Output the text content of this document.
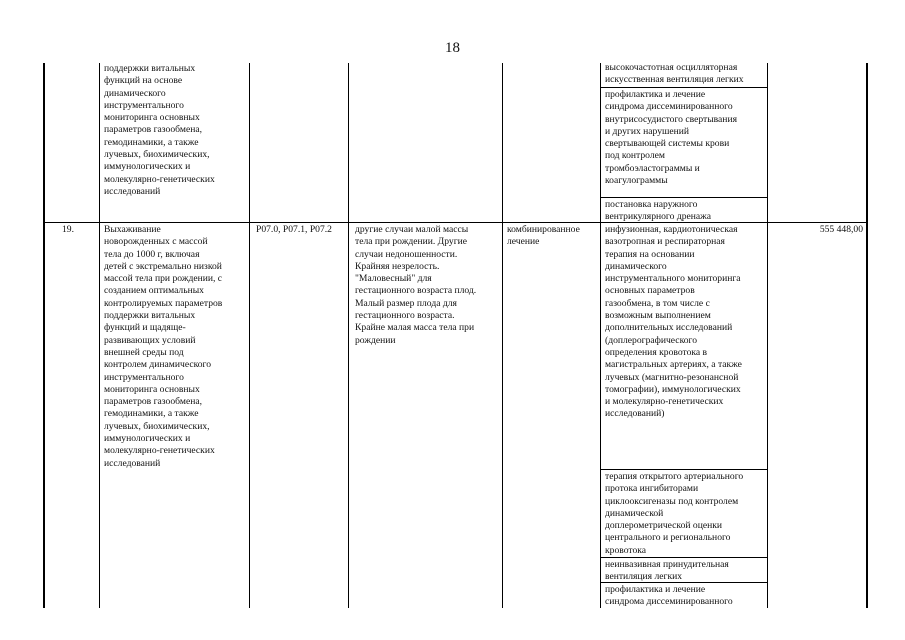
18
поддержки витальных
функций на основе
динамического
инструментального
мониторинга основных
параметров газообмена,
гемодинамики, а также
лучевых, биохимических,
иммунологических и
молекулярно-генетических
исследований
высокочастотная осцилляторная
искусственная вентиляция легких
профилактика и лечение
синдрома диссеминированного
внутрисосудистого свертывания
и других нарушений
свертывающей системы крови
под контролем
тромбоэластограммы и
коагулограммы
постановка наружного
вентрикулярного дренажа
19.	Выхаживание
новорожденных с массой
тела до 1000 г, включая
детей с экстремально низкой
массой тела при рождении, с
созданием оптимальных
контролируемых параметров
поддержки витальных
функций и щадяще-
развивающих условий
внешней среды под
контролем динамического
инструментального
мониторинга основных
параметров газообмена,
гемодинамики, а также
лучевых, биохимических,
иммунологических и
молекулярно-генетических
исследований
P07.0, P07.1, P07.2	другие случаи малой массы
тела при рождении. Другие
случаи недоношенности.
Крайняя незрелость.
"Маловесный" для
гестационного возраста плод.
Малый размер плода для
гестационного возраста.
Крайне малая масса тела при
рождении
комбинированное
лечение
инфузионная, кардиотоническая
вазотропная и респираторная
терапия на основании
динамического
инструментального мониторинга
основных параметров
газообмена, в том числе с
возможным выполнением
дополнительных исследований
(доплерографического
определения кровотока в
магистральных артериях, а также
лучевых (магнитно-резонансной
томографии), иммунологических
и молекулярно-генетических
исследований)
терапия открытого артериального
протока ингибиторами
циклооксигеназы под контролем
динамической
доплерометрической оценки
центрального и регионального
кровотока
неинвазивная принудительная
вентиляция легких
профилактика и лечение
синдрома диссеминированного
555 448,00
